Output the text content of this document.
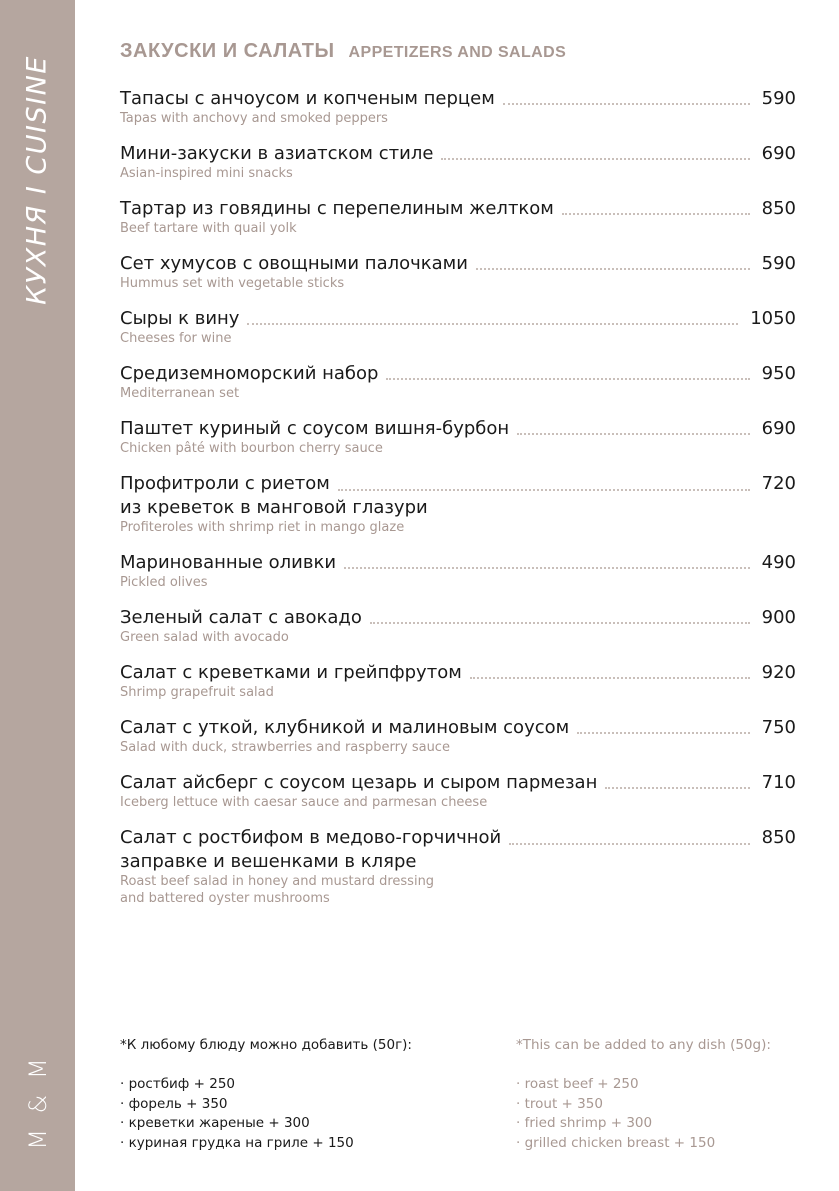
КУХНЯ I CUISINE
M & M
ЗАКУСКИ И САЛАТЫ APPETIZERS AND SALADS
Тапасы с анчоусом и копченым перцем	590
Tapas with anchovy and smoked peppers
Мини-закуски в азиатском стиле	690
Asian-inspired mini snacks
Тартар из говядины с перепелиным желтком	850
Beef tartare with quail yolk
Сет хумусов с овощными палочками	590
Hummus set with vegetable sticks
Сыры к вину	1050
Cheeses for wine
Средиземноморский набор	950
Mediterranean set
Паштет куриный с соусом вишня-бурбон	690
Chicken pâté with bourbon cherry sauce
Профитроли с риетом	720
из креветок в манговой глазури
Profiteroles with shrimp riet in mango glaze
Маринованные оливки	490
Pickled olives
Зеленый салат с авокадо	900
Green salad with avocado
Салат с креветками и грейпфрутом	920
Shrimp grapefruit salad
Салат с уткой, клубникой и малиновым соусом	750
Salad with duck, strawberries and raspberry sauce
Салат айсберг с соусом цезарь и сыром пармезан	710
Iceberg lettuce with caesar sauce and parmesan cheese
Салат с ростбифом в медово-горчичной	850
заправке и вешенками в кляре
Roast beef salad in honey and mustard dressing
and battered oyster mushrooms
*К любому блюду можно добавить (50г):
· ростбиф + 250
· форель + 350
· креветки жареные + 300
· куриная грудка на гриле + 150
*This can be added to any dish (50g):
· roast beef + 250
· trout + 350
· fried shrimp + 300
· grilled chicken breast + 150
